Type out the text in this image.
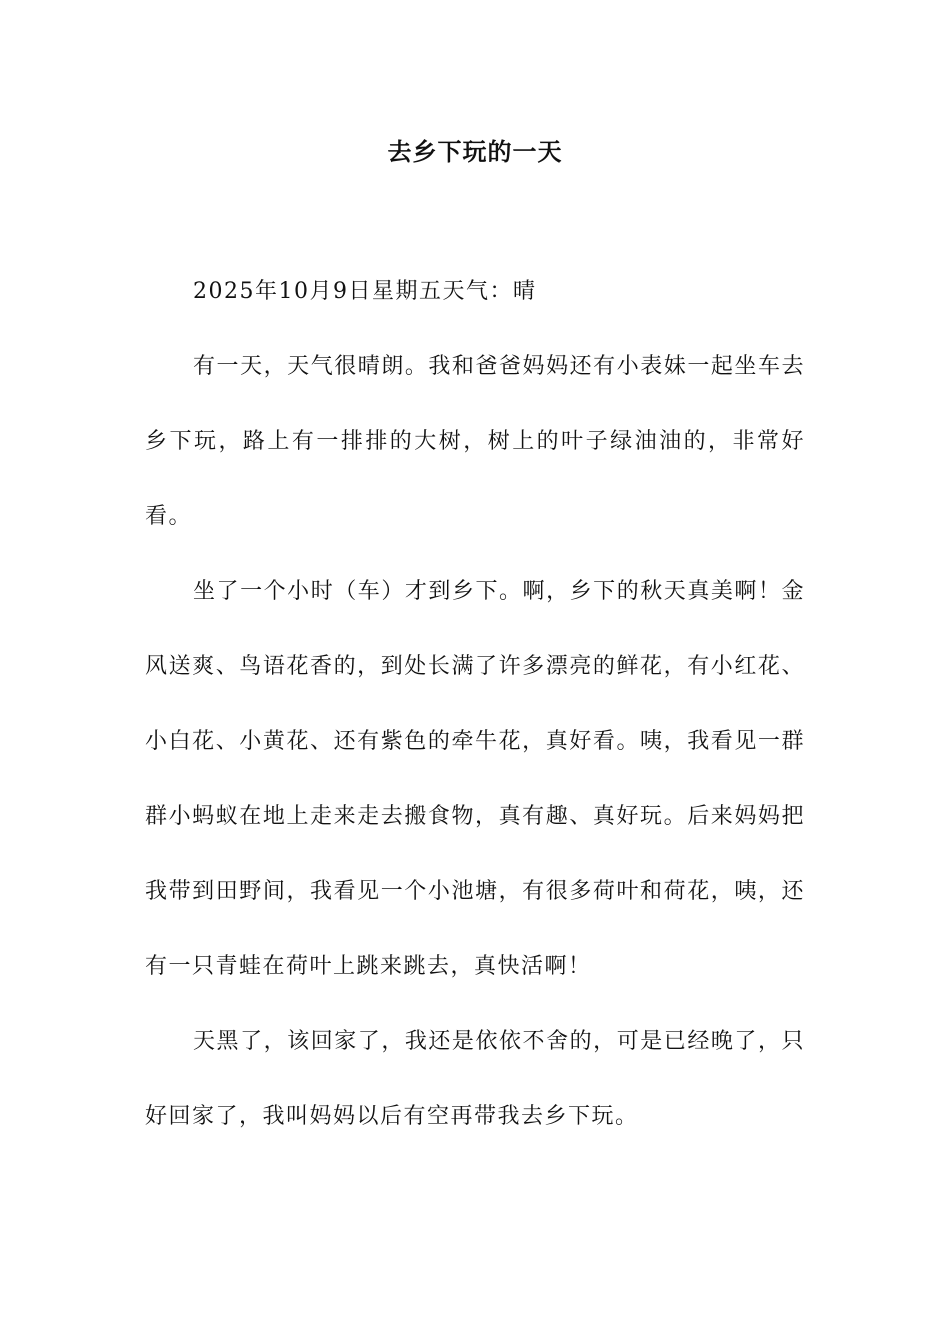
去乡下玩的一天

2025年10月9日星期五天气：晴

有一天，天气很晴朗。我和爸爸妈妈还有小表妹一起坐车去乡下玩，路上有一排排的大树，树上的叶子绿油油的，非常好看。

坐了一个小时（车）才到乡下。啊，乡下的秋天真美啊！金风送爽、鸟语花香的，到处长满了许多漂亮的鲜花，有小红花、小白花、小黄花、还有紫色的牵牛花，真好看。咦，我看见一群群小蚂蚁在地上走来走去搬食物，真有趣、真好玩。后来妈妈把我带到田野间，我看见一个小池塘，有很多荷叶和荷花，咦，还有一只青蛙在荷叶上跳来跳去，真快活啊！

天黑了，该回家了，我还是依依不舍的，可是已经晚了，只好回家了，我叫妈妈以后有空再带我去乡下玩。
